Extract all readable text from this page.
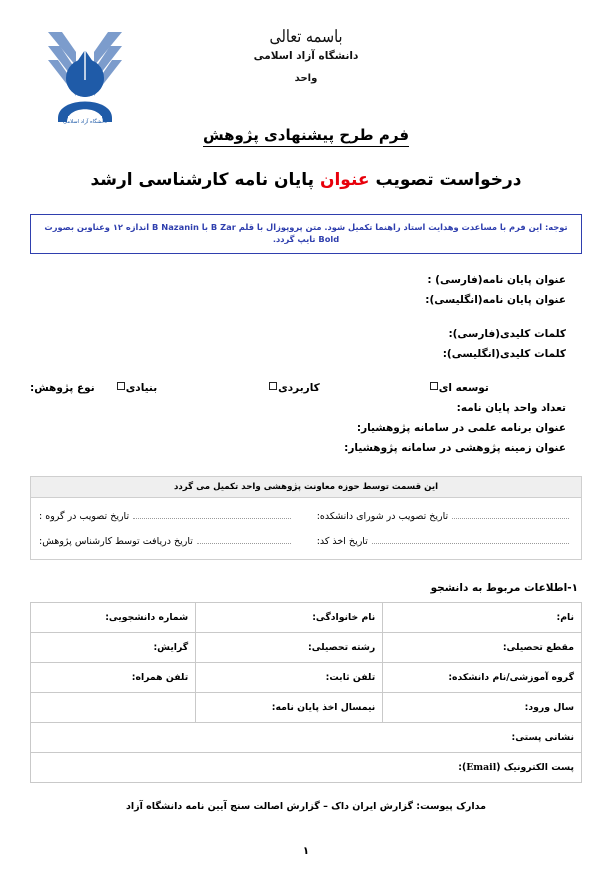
باسمه تعالی
دانشگاه آزاد اسلامی
واحد
دانشگاه آزاد اسلامی
فرم طرح پیشنهادی پژوهش
درخواست تصویب عنوان پایان نامه کارشناسی ارشد
توجه: این فرم با مساعدت وهدایت استاد راهنما تکمیل شود. متن پروپوزال با قلم B Zar با B Nazanin اندازه ۱۲ وعناوین بصورت Bold تایپ گردد.
عنوان پایان نامه(فارسی) :
عنوان پایان نامه(انگلیسی):
کلمات کلیدی(فارسی):
کلمات کلیدی(انگلیسی):
نوع پژوهش:	بنیادی	کاربردی	توسعه ای
تعداد واحد پایان نامه:
عنوان برنامه علمی در سامانه پژوهشیار:
عنوان زمینه پژوهشی در سامانه پژوهشیار:
این قسمت توسط حوزه معاونت پژوهشی واحد تکمیل می گردد
تاریخ تصویب در شورای دانشکده:
تاریخ تصویب در گروه :
تاریخ اخذ کد:
تاریخ دریافت توسط کارشناس پژوهش:
۱-اطلاعات مربوط به دانشجو
نام:	نام خانوادگی:	شماره دانشجویی:
مقطع تحصیلی:	رشته تحصیلی:	گرایش:
گروه آموزشی/نام دانشکده:	تلفن ثابت:	تلفن همراه:
سال ورود:	نیمسال اخذ پایان نامه:	
نشانی پستی:		
پست الکترونیک (Email):		
مدارک پیوست: گزارش ایران داک – گزارش اصالت سنج آیین نامه دانشگاه آزاد
۱
